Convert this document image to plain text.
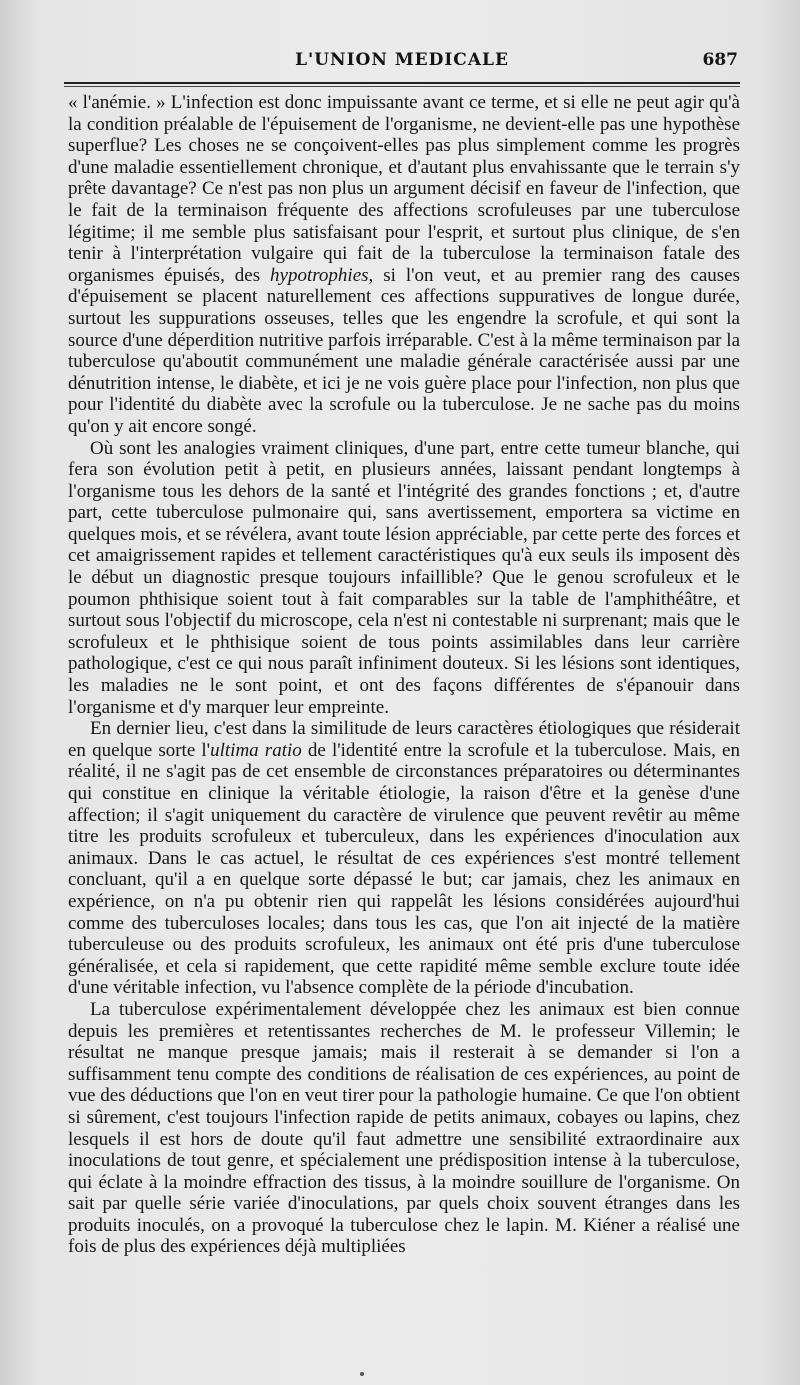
L'UNION MEDICALE	687

« l'anémie. » L'infection est donc impuissante avant ce terme, et si elle ne peut agir qu'à la condition préalable de l'épuisement de l'organisme, ne devient-elle pas une hypothèse superflue? Les choses ne se conçoivent-elles pas plus simplement comme les progrès d'une maladie essentiellement chronique, et d'autant plus envahissante que le terrain s'y prête davantage? Ce n'est pas non plus un argument décisif en faveur de l'infection, que le fait de la terminaison fréquente des affections scrofuleuses par une tuberculose légitime; il me semble plus satisfaisant pour l'esprit, et surtout plus clinique, de s'en tenir à l'interprétation vulgaire qui fait de la tuberculose la terminaison fatale des organismes épuisés, des hypotrophies, si l'on veut, et au premier rang des causes d'épuisement se placent naturellement ces affections suppuratives de longue durée, surtout les suppurations osseuses, telles que les engendre la scrofule, et qui sont la source d'une déperdition nutritive parfois irréparable. C'est à la même terminaison par la tuberculose qu'aboutit communément une maladie générale caractérisée aussi par une dénutrition intense, le diabète, et ici je ne vois guère place pour l'infection, non plus que pour l'identité du diabète avec la scrofule ou la tuberculose. Je ne sache pas du moins qu'on y ait encore songé.

Où sont les analogies vraiment cliniques, d'une part, entre cette tumeur blanche, qui fera son évolution petit à petit, en plusieurs années, laissant pendant longtemps à l'organisme tous les dehors de la santé et l'intégrité des grandes fonctions ; et, d'autre part, cette tuberculose pulmonaire qui, sans avertissement, emportera sa victime en quelques mois, et se révélera, avant toute lésion appréciable, par cette perte des forces et cet amaigrissement rapides et tellement caractéristiques qu'à eux seuls ils imposent dès le début un diagnostic presque toujours infaillible? Que le genou scrofuleux et le poumon phthisique soient tout à fait comparables sur la table de l'amphithéâtre, et surtout sous l'objectif du microscope, cela n'est ni contestable ni surprenant; mais que le scrofuleux et le phthisique soient de tous points assimilables dans leur carrière pathologique, c'est ce qui nous paraît infiniment douteux. Si les lésions sont identiques, les maladies ne le sont point, et ont des façons différentes de s'épanouir dans l'organisme et d'y marquer leur empreinte.

En dernier lieu, c'est dans la similitude de leurs caractères étiologiques que résiderait en quelque sorte l'ultima ratio de l'identité entre la scrofule et la tuberculose. Mais, en réalité, il ne s'agit pas de cet ensemble de circonstances préparatoires ou déterminantes qui constitue en clinique la véritable étiologie, la raison d'être et la genèse d'une affection; il s'agit uniquement du caractère de virulence que peuvent revêtir au même titre les produits scrofuleux et tuberculeux, dans les expériences d'inoculation aux animaux. Dans le cas actuel, le résultat de ces expériences s'est montré tellement concluant, qu'il a en quelque sorte dépassé le but; car jamais, chez les animaux en expérience, on n'a pu obtenir rien qui rappelât les lésions considérées aujourd'hui comme des tuberculoses locales; dans tous les cas, que l'on ait injecté de la matière tuberculeuse ou des produits scrofuleux, les animaux ont été pris d'une tuberculose généralisée, et cela si rapidement, que cette rapidité même semble exclure toute idée d'une véritable infection, vu l'absence complète de la période d'incubation.

La tuberculose expérimentalement développée chez les animaux est bien connue depuis les premières et retentissantes recherches de M. le professeur Villemin; le résultat ne manque presque jamais; mais il resterait à se demander si l'on a suffisamment tenu compte des conditions de réalisation de ces expériences, au point de vue des déductions que l'on en veut tirer pour la pathologie humaine. Ce que l'on obtient si sûrement, c'est toujours l'infection rapide de petits animaux, cobayes ou lapins, chez lesquels il est hors de doute qu'il faut admettre une sensibilité extraordinaire aux inoculations de tout genre, et spécialement une prédisposition intense à la tuberculose, qui éclate à la moindre effraction des tissus, à la moindre souillure de l'organisme. On sait par quelle série variée d'inoculations, par quels choix souvent étranges dans les produits inoculés, on a provoqué la tuberculose chez le lapin. M. Kiéner a réalisé une fois de plus des expériences déjà multipliées
